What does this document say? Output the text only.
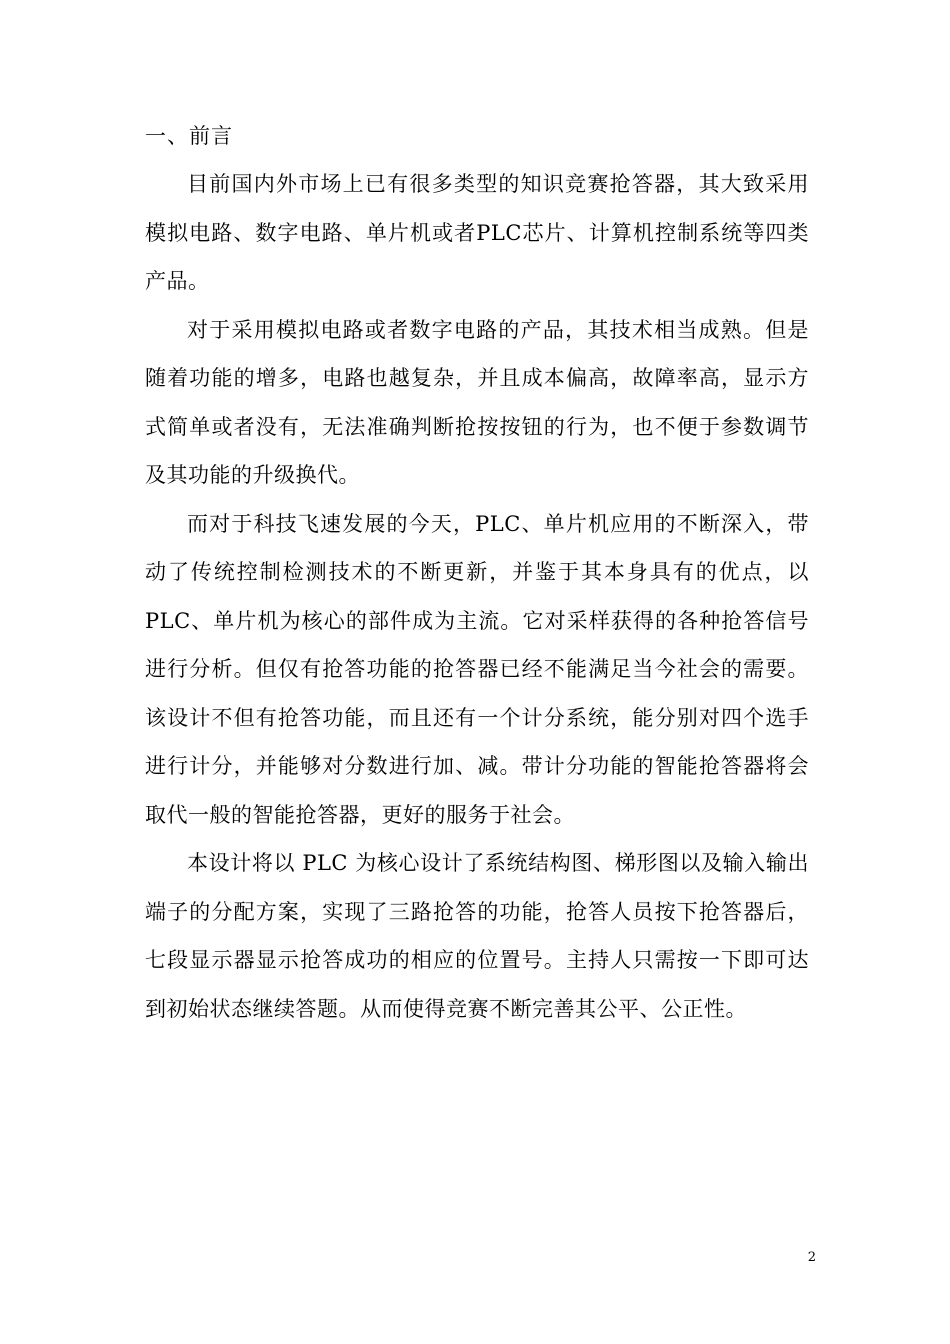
一、前言

目前国内外市场上已有很多类型的知识竞赛抢答器，其大致采用模拟电路、数字电路、单片机或者PLC芯片、计算机控制系统等四类产品。

对于采用模拟电路或者数字电路的产品，其技术相当成熟。但是随着功能的增多，电路也越复杂，并且成本偏高，故障率高，显示方式简单或者没有，无法准确判断抢按按钮的行为，也不便于参数调节及其功能的升级换代。

而对于科技飞速发展的今天，PLC、单片机应用的不断深入，带动了传统控制检测技术的不断更新，并鉴于其本身具有的优点，以PLC、单片机为核心的部件成为主流。它对采样获得的各种抢答信号进行分析。但仅有抢答功能的抢答器已经不能满足当今社会的需要。该设计不但有抢答功能，而且还有一个计分系统，能分别对四个选手进行计分，并能够对分数进行加、减。带计分功能的智能抢答器将会取代一般的智能抢答器，更好的服务于社会。

本设计将以 PLC 为核心设计了系统结构图、梯形图以及输入输出端子的分配方案，实现了三路抢答的功能，抢答人员按下抢答器后，七段显示器显示抢答成功的相应的位置号。主持人只需按一下即可达到初始状态继续答题。从而使得竞赛不断完善其公平、公正性。

2
